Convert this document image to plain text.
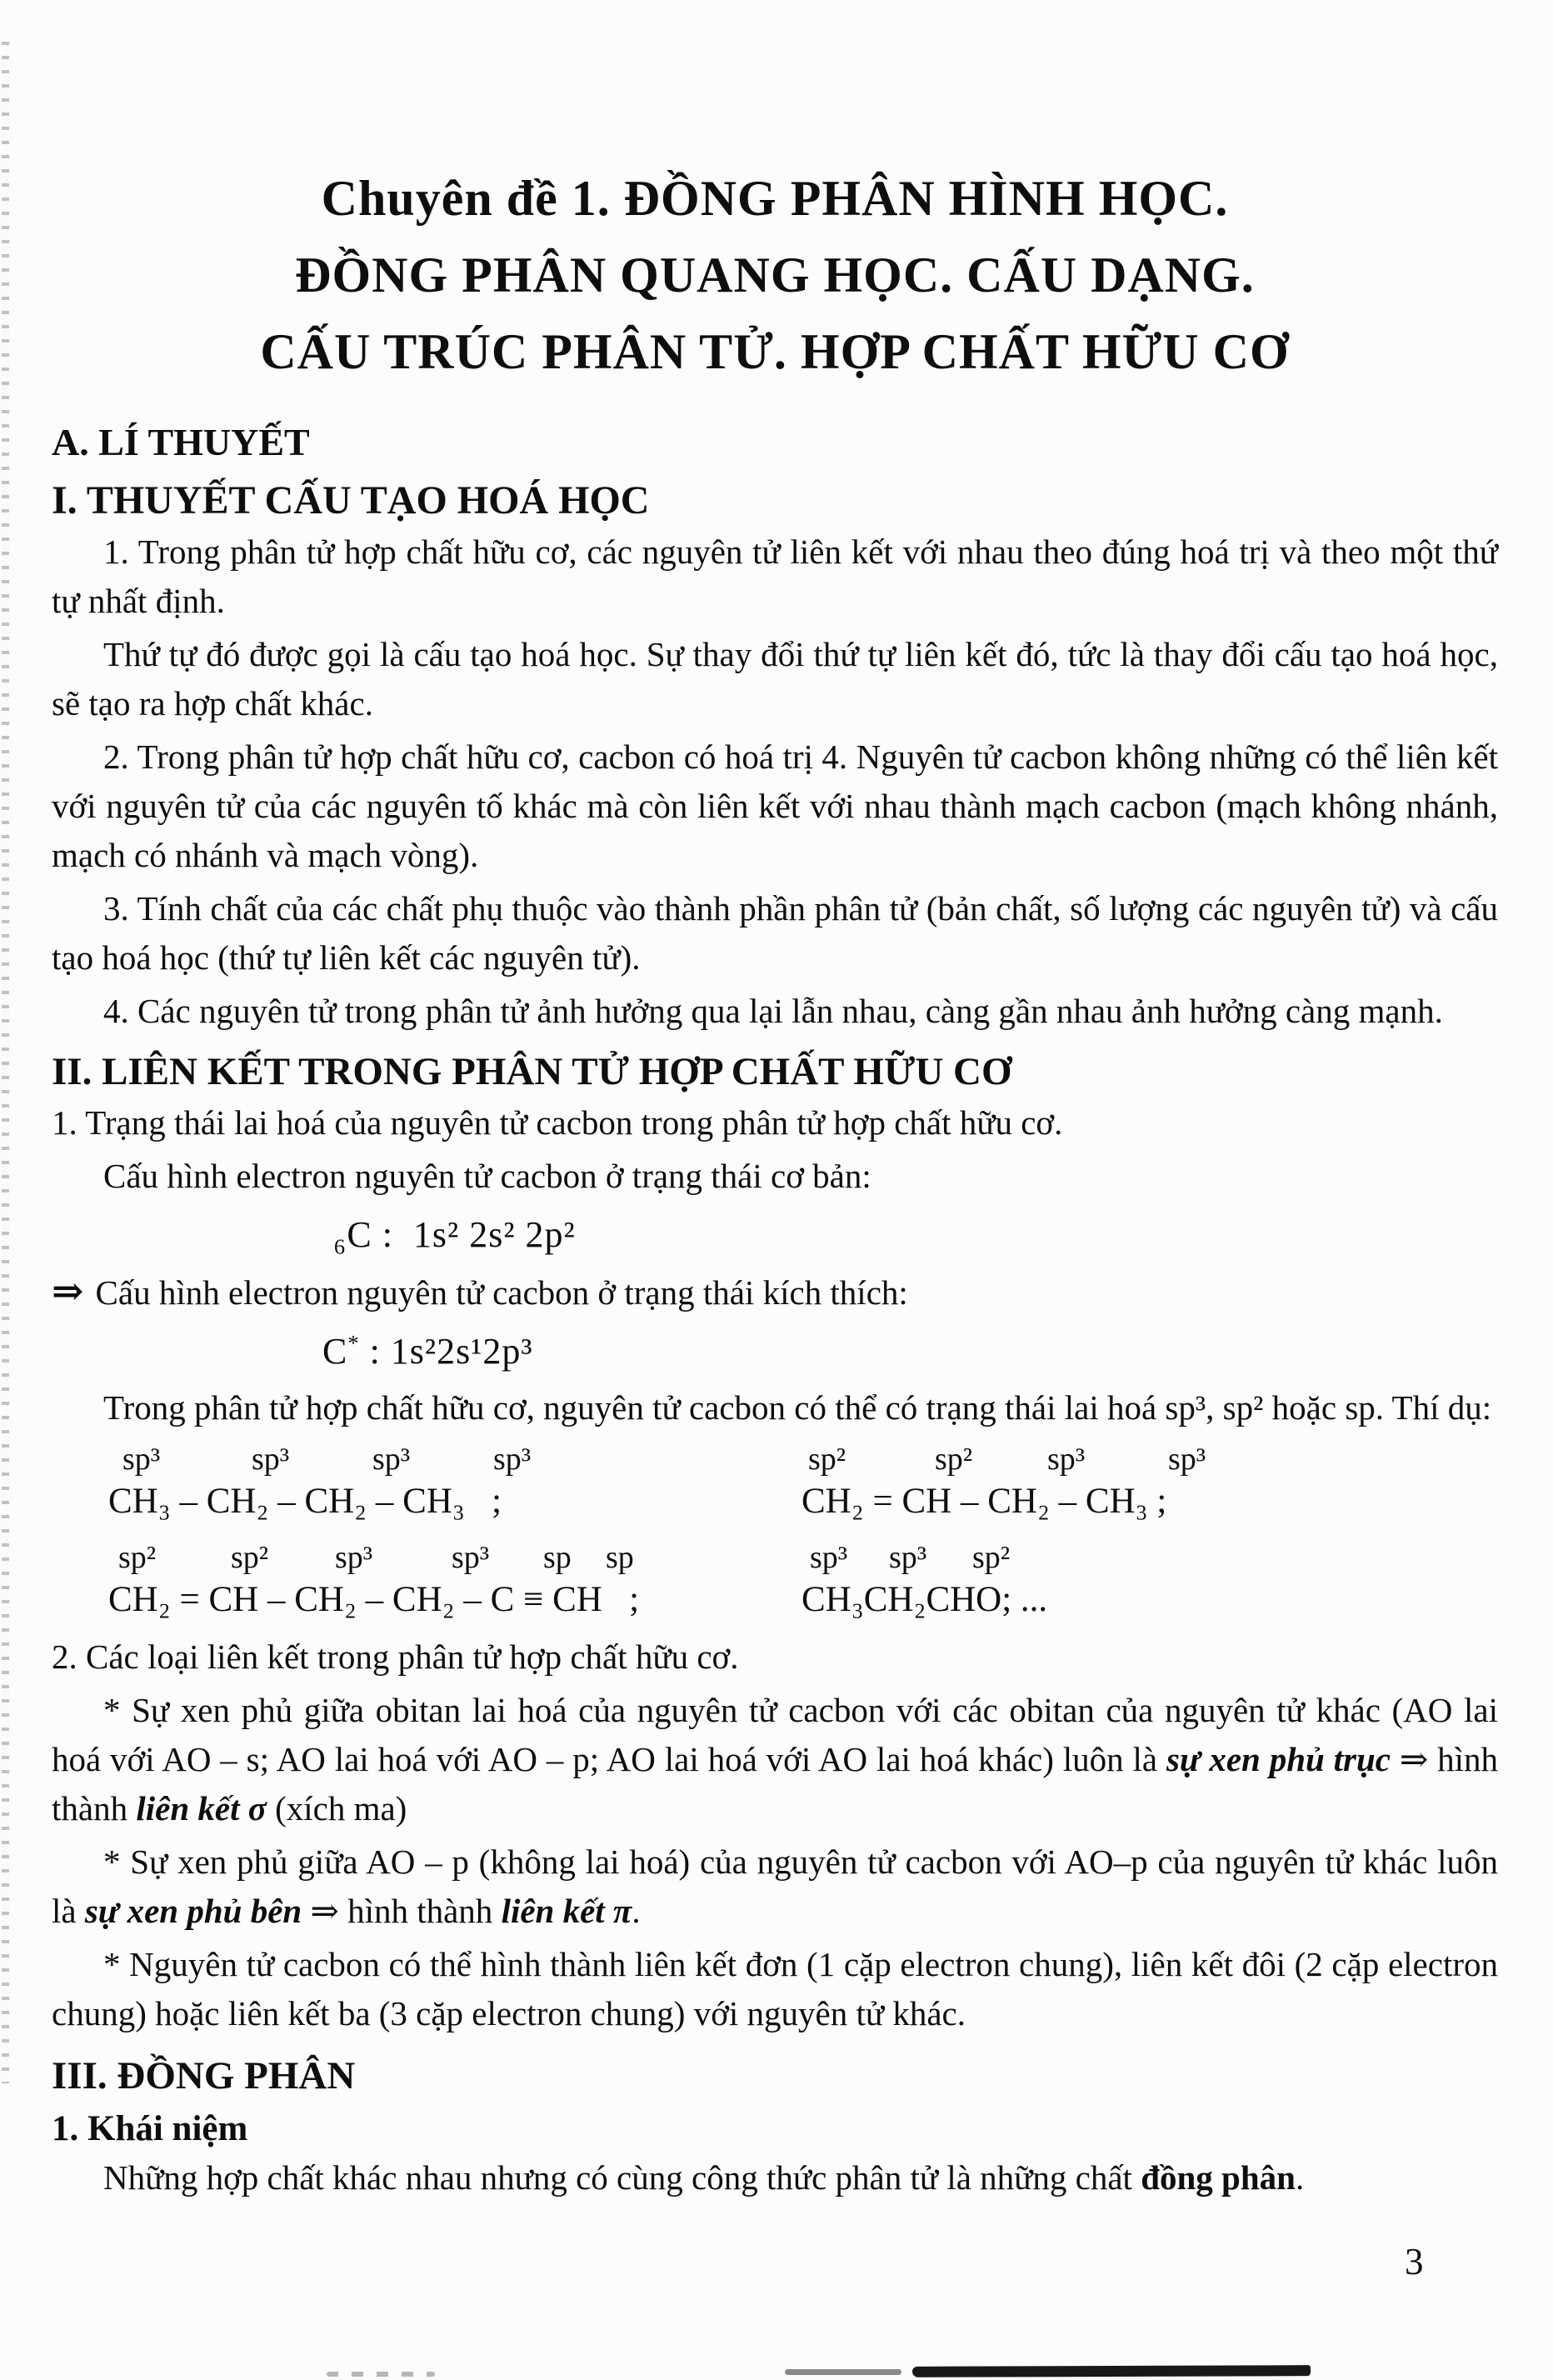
Chuyên đề 1. ĐỒNG PHÂN HÌNH HỌC.
ĐỒNG PHÂN QUANG HỌC. CẤU DẠNG.
CẤU TRÚC PHÂN TỬ. HỢP CHẤT HỮU CƠ
A. LÍ THUYẾT
I. THUYẾT CẤU TẠO HOÁ HỌC

1. Trong phân tử hợp chất hữu cơ, các nguyên tử liên kết với nhau theo đúng hoá trị và theo một thứ tự nhất định.

Thứ tự đó được gọi là cấu tạo hoá học. Sự thay đổi thứ tự liên kết đó, tức là thay đổi cấu tạo hoá học, sẽ tạo ra hợp chất khác.

2. Trong phân tử hợp chất hữu cơ, cacbon có hoá trị 4. Nguyên tử cacbon không những có thể liên kết với nguyên tử của các nguyên tố khác mà còn liên kết với nhau thành mạch cacbon (mạch không nhánh, mạch có nhánh và mạch vòng).

3. Tính chất của các chất phụ thuộc vào thành phần phân tử (bản chất, số lượng các nguyên tử) và cấu tạo hoá học (thứ tự liên kết các nguyên tử).

4. Các nguyên tử trong phân tử ảnh hưởng qua lại lẫn nhau, càng gần nhau ảnh hưởng càng mạnh.

II. LIÊN KẾT TRONG PHÂN TỬ HỢP CHẤT HỮU CƠ

1. Trạng thái lai hoá của nguyên tử cacbon trong phân tử hợp chất hữu cơ.

Cấu hình electron nguyên tử cacbon ở trạng thái cơ bản:

₆C :  1s² 2s² 2p²

⇒ Cấu hình electron nguyên tử cacbon ở trạng thái kích thích:

C* : 1s²2s¹2p³

Trong phân tử hợp chất hữu cơ, nguyên tử cacbon có thể có trạng thái lai hoá sp³, sp² hoặc sp. Thí dụ:

sp³	sp³	sp³	sp³
CH₃ – CH₂ – CH₂ – CH₃   ;
sp²	sp² sp³	sp³
CH₂ = CH – CH₂ – CH₃ ;
sp² sp² sp³ sp³ sp sp
CH₂ = CH – CH₂ – CH₂ – C ≡ CH   ;
sp³ sp³ sp²
CH₃CH₂CHO; ...

2. Các loại liên kết trong phân tử hợp chất hữu cơ.

* Sự xen phủ giữa obitan lai hoá của nguyên tử cacbon với các obitan của nguyên tử khác (AO lai hoá với AO – s; AO lai hoá với AO – p; AO lai hoá với AO lai hoá khác) luôn là sự xen phủ trục ⇒ hình thành liên kết σ (xích ma)

* Sự xen phủ giữa AO – p (không lai hoá) của nguyên tử cacbon với AO–p của nguyên tử khác luôn là sự xen phủ bên ⇒ hình thành liên kết π.

* Nguyên tử cacbon có thể hình thành liên kết đơn (1 cặp electron chung), liên kết đôi (2 cặp electron chung) hoặc liên kết ba (3 cặp electron chung) với nguyên tử khác.

III. ĐỒNG PHÂN
1. Khái niệm

Những hợp chất khác nhau nhưng có cùng công thức phân tử là những chất đồng phân.

3
